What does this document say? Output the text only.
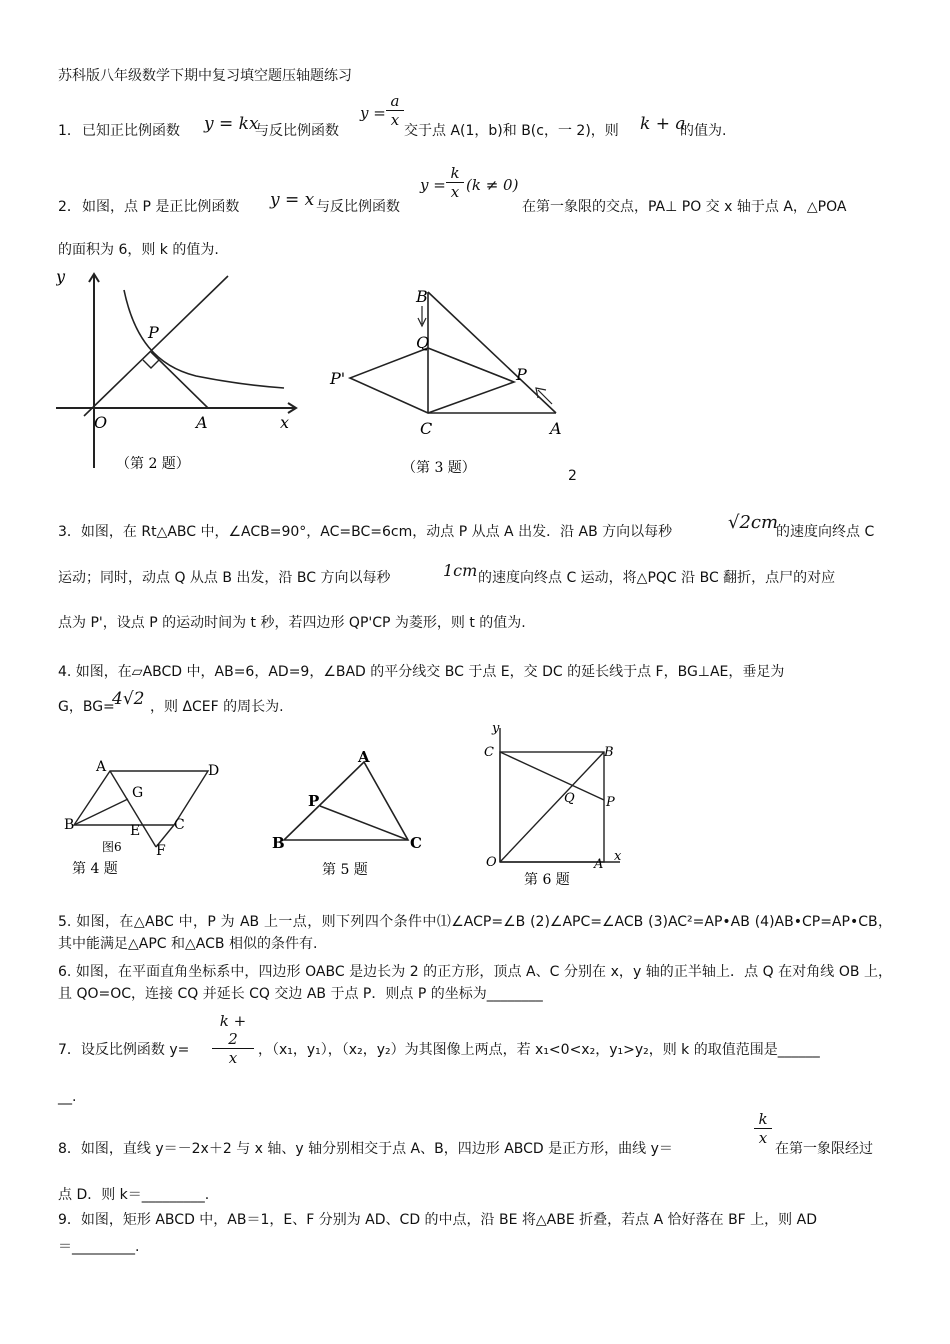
苏科版八年级数学下期中复习填空题压轴题练习
1． 已知正比例函数 y = kx
与反比例函数
$y = \frac{a}{x}$
交于点 A(1，b)和 B(c，一 2)，则 k + a
的值为.
2． 如图，点 P 是正比例函数 y = x 与反比例函数
$y = \frac{k}{x} (k \ne 0)$
在第一象限的交点，PA⊥ PO 交 x 轴于点 A，△POA
的面积为 6，则 k 的值为.
y
x
O	A
P
（第 2 题）
B
Q
P
P'
C	A
（第 3 题）	2
3．如图，在 Rt△ABC 中，∠ACB=90°，AC=BC=6cm，动点 P 从点 A 出发．沿 AB 方向以每秒	√2cm
的速度向终点 C
运动；同时，动点 Q 从点 B 出发，沿 BC 方向以每秒	1cm 的速度向终点 C 运动，将△PQC 沿 BC 翻折，点尸的对应
点为 P'，设点 P 的运动时间为 t 秒，若四边形 QP'CP 为菱形，则 t 的值为.
4. 如图，在▱ABCD 中，AB=6，AD=9，∠BAD 的平分线交 BC 于点 E，交 DC 的延长线于点 F，BG⊥AE，垂足为
G，BG=
4√2 ，则 ΔCEF 的周长为.
A	D
G
B	E C
F
图6
第 4 题
A
P
B	C
第 5 题
y
x
C	B
Q P
O	A
第 6 题
5. 如图，在△ABC 中，P 为 AB 上一点，则下列四个条件中⑴∠ACP=∠B (2)∠APC=∠ACB (3)AC²=AP•AB (4)AB•CP=AP•CB，其中能满足△APC 和△ACB 相似的条件有.
6. 如图，在平面直角坐标系中，四边形 OABC 是边长为 2 的正方形，顶点 A、C 分别在 x，y 轴的正半轴上．点 Q 在对角线 OB 上，且 QO=OC，连接 CQ 并延长 CQ 交边 AB 于点 P．则点 P 的坐标为________
7．设反比例函数 $y= \frac{k + 2}{x}$ ，（x₁，y₁），（x₂，y₂）为其图像上两点，若 x₁<0<x₂，y₁>y₂，则 k 的取值范围是______
__.
8．如图，直线 y＝－2x＋2 与 x 轴、y 轴分别相交于点 A、B，四边形 ABCD 是正方形，曲线 y＝
$\frac{k}{x}$
在第一象限经过
点 D．则 k＝_________.
9．如图，矩形 ABCD 中，AB＝1，E、F 分别为 AD、CD 的中点，沿 BE 将△ABE 折叠，若点 A 恰好落在 BF 上，则 AD
＝_________.
